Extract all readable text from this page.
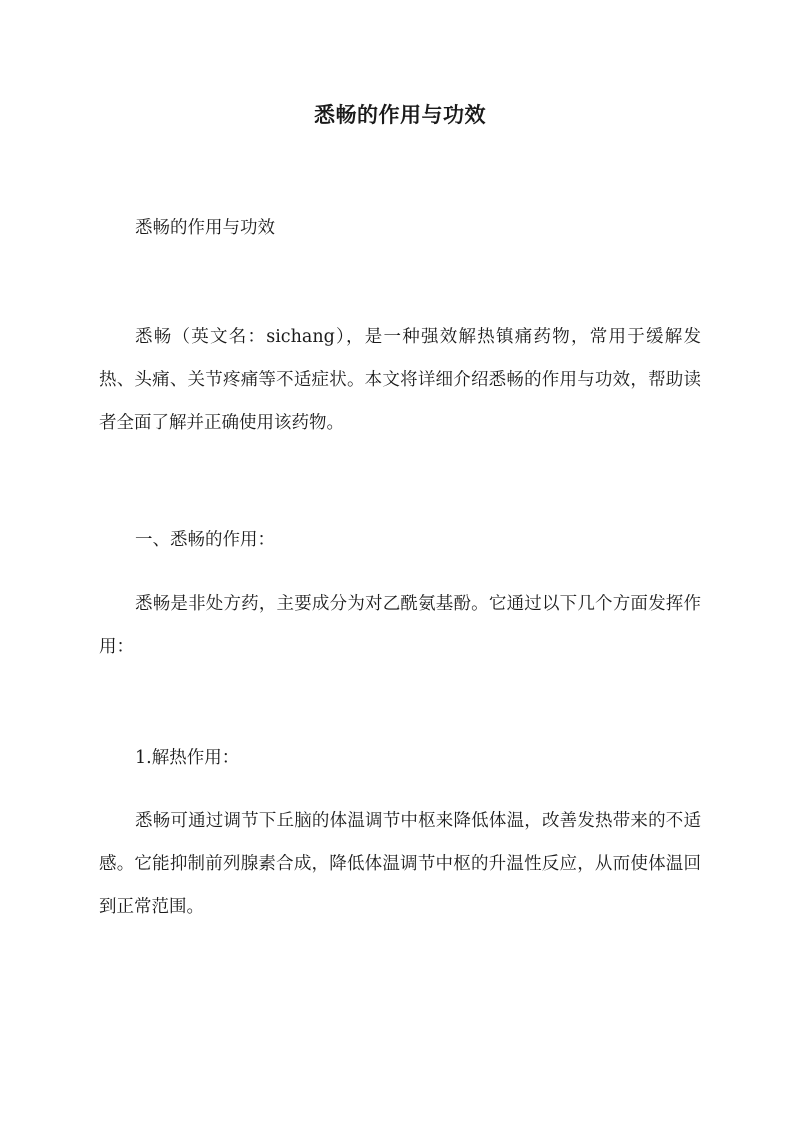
悉畅的作用与功效

悉畅的作用与功效

悉畅（英文名：sichang），是一种强效解热镇痛药物，常用于缓解发热、头痛、关节疼痛等不适症状。本文将详细介绍悉畅的作用与功效，帮助读者全面了解并正确使用该药物。

一、悉畅的作用：

悉畅是非处方药，主要成分为对乙酰氨基酚。它通过以下几个方面发挥作用：

1.解热作用：

悉畅可通过调节下丘脑的体温调节中枢来降低体温，改善发热带来的不适感。它能抑制前列腺素合成，降低体温调节中枢的升温性反应，从而使体温回到正常范围。
